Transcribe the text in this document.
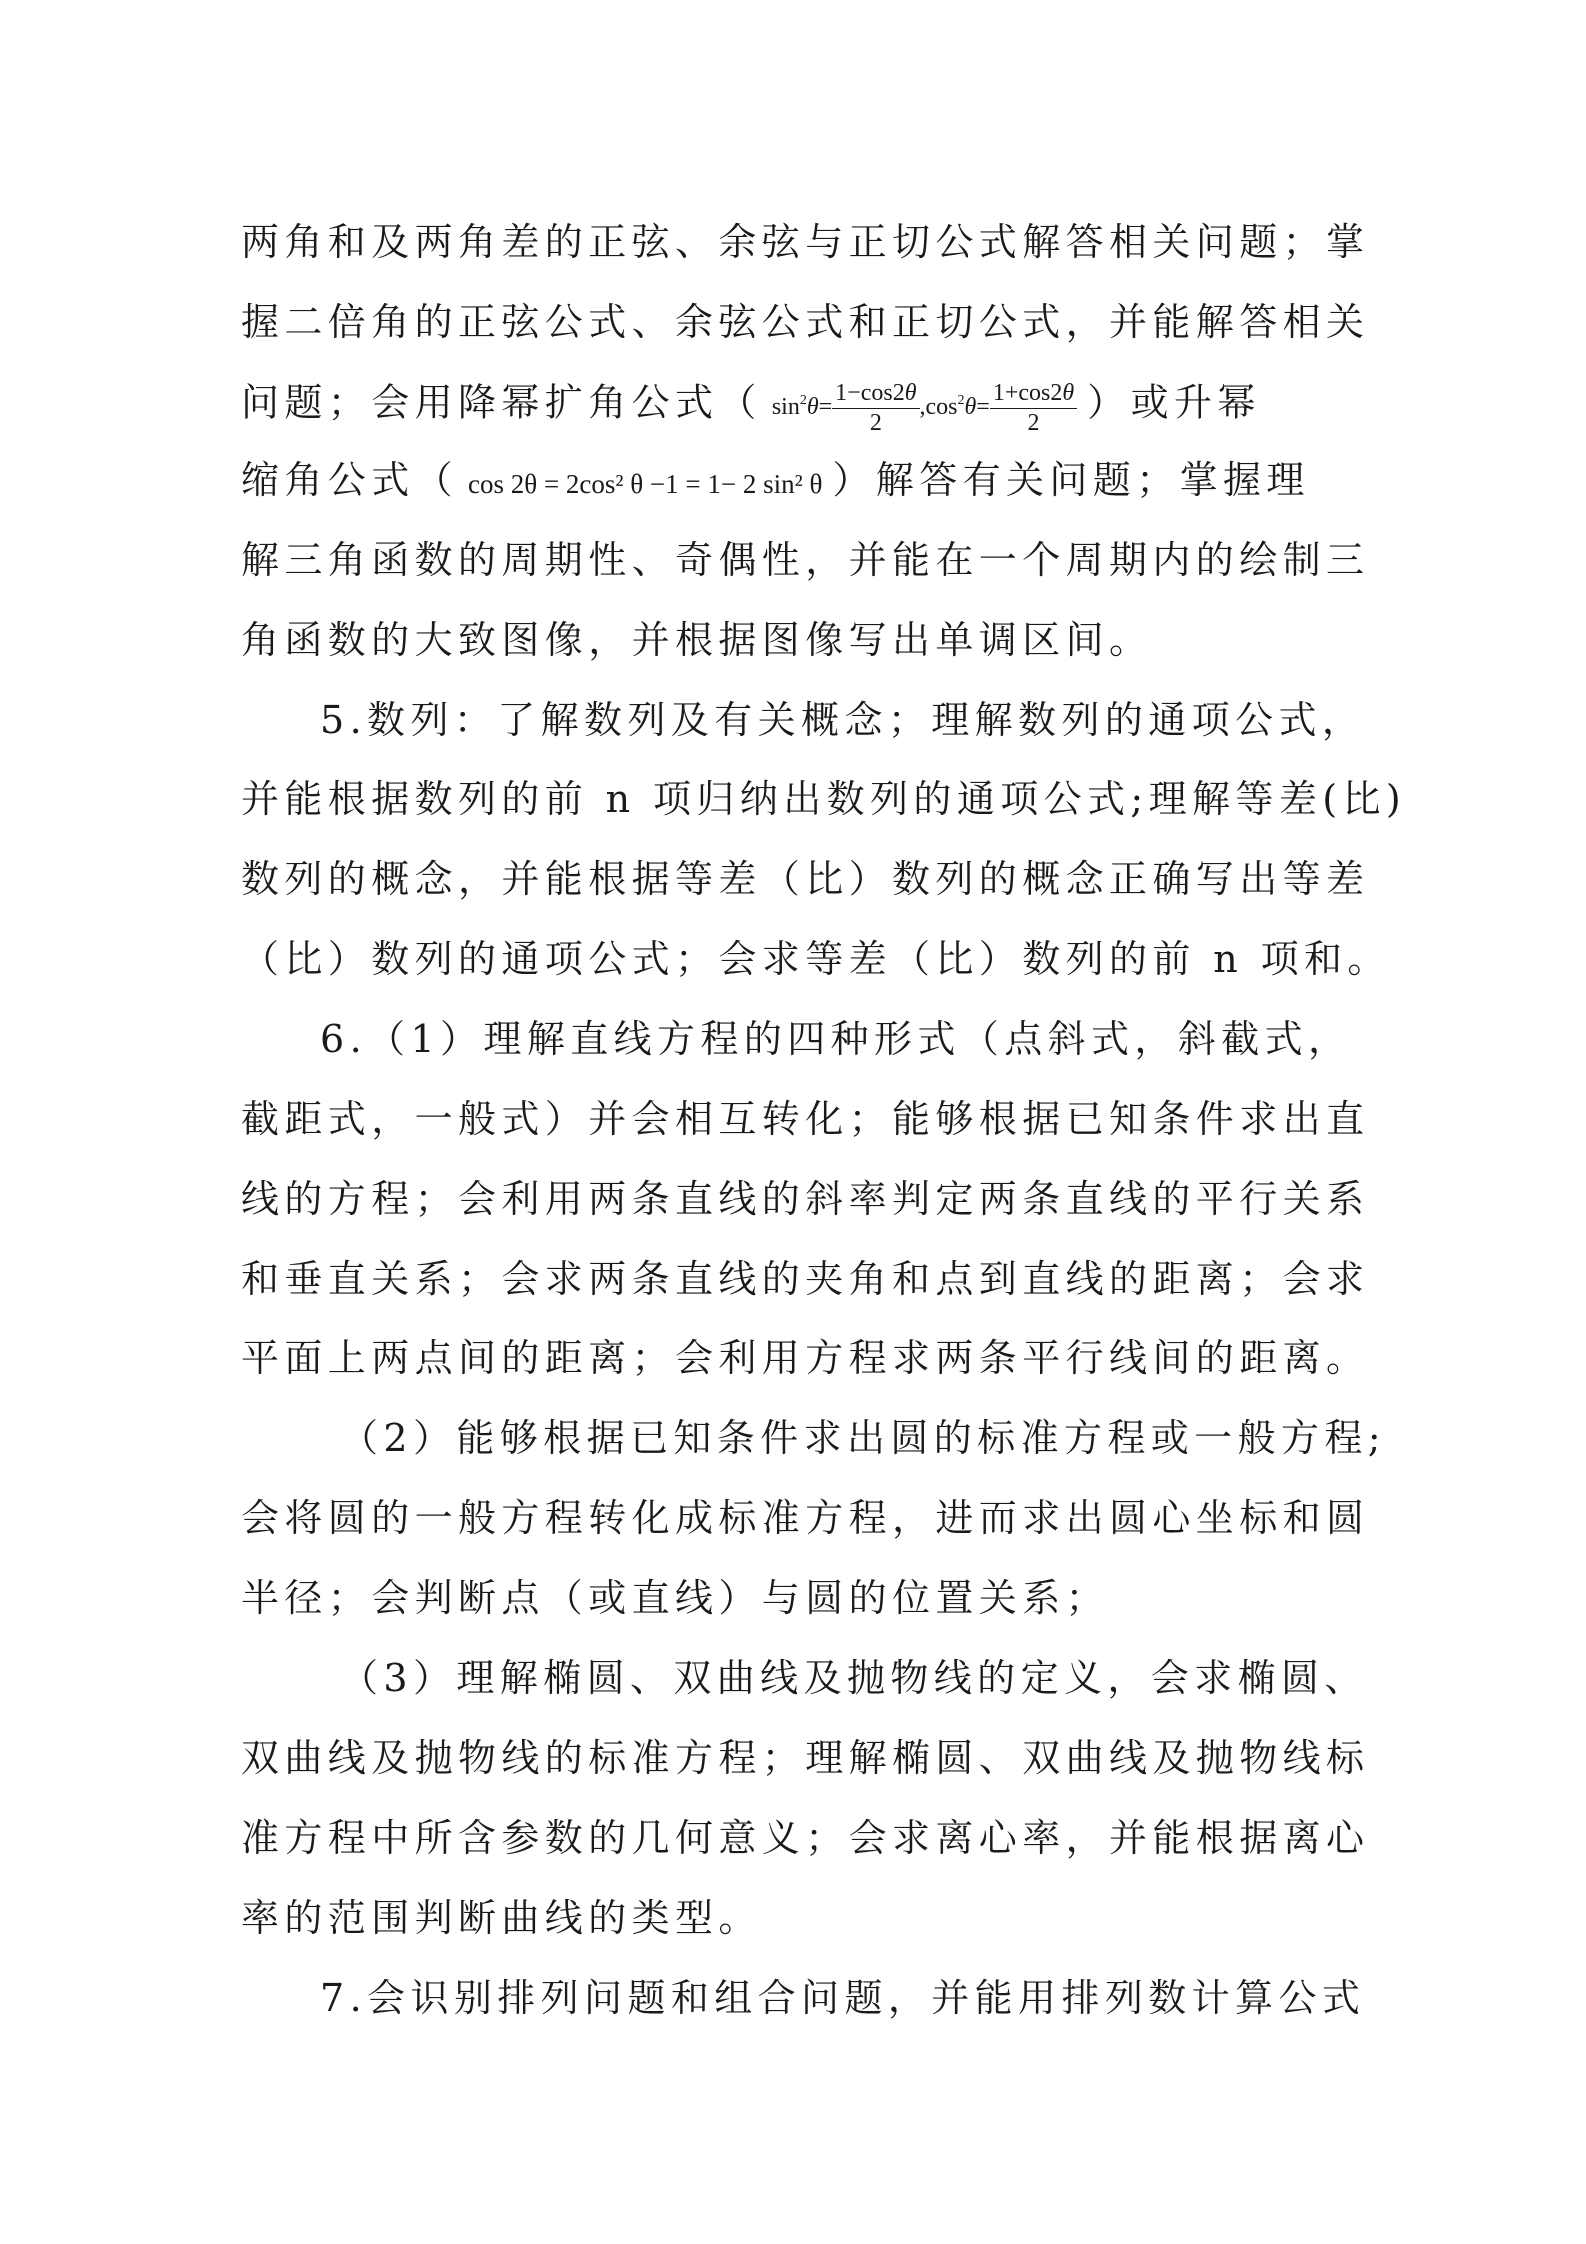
两角和及两角差的正弦、余弦与正切公式解答相关问题；掌
握二倍角的正弦公式、余弦公式和正切公式，并能解答相关
问题；会用降幂扩角公式（ $\sin^2\theta= \frac{1-\cos 2\theta}{2} ,\cos^2\theta= \frac{1+\cos 2\theta}{2}$ ）或升幂
缩角公式（ cos 2θ = 2cos² θ −1 = 1− 2 sin² θ ）解答有关问题；掌握理
解三角函数的周期性、奇偶性，并能在一个周期内的绘制三
角函数的大致图像，并根据图像写出单调区间。
5.数列：了解数列及有关概念；理解数列的通项公式，
并能根据数列的前 n 项归纳出数列的通项公式;理解等差(比)
数列的概念，并能根据等差（比）数列的概念正确写出等差
（比）数列的通项公式；会求等差（比）数列的前 n 项和。
6.（1）理解直线方程的四种形式（点斜式，斜截式，
截距式，一般式）并会相互转化；能够根据已知条件求出直
线的方程；会利用两条直线的斜率判定两条直线的平行关系
和垂直关系；会求两条直线的夹角和点到直线的距离；会求
平面上两点间的距离；会利用方程求两条平行线间的距离。
（2）能够根据已知条件求出圆的标准方程或一般方程;
会将圆的一般方程转化成标准方程，进而求出圆心坐标和圆
半径；会判断点（或直线）与圆的位置关系；
（3）理解椭圆、双曲线及抛物线的定义，会求椭圆、
双曲线及抛物线的标准方程；理解椭圆、双曲线及抛物线标
准方程中所含参数的几何意义；会求离心率，并能根据离心
率的范围判断曲线的类型。
7.会识别排列问题和组合问题，并能用排列数计算公式
